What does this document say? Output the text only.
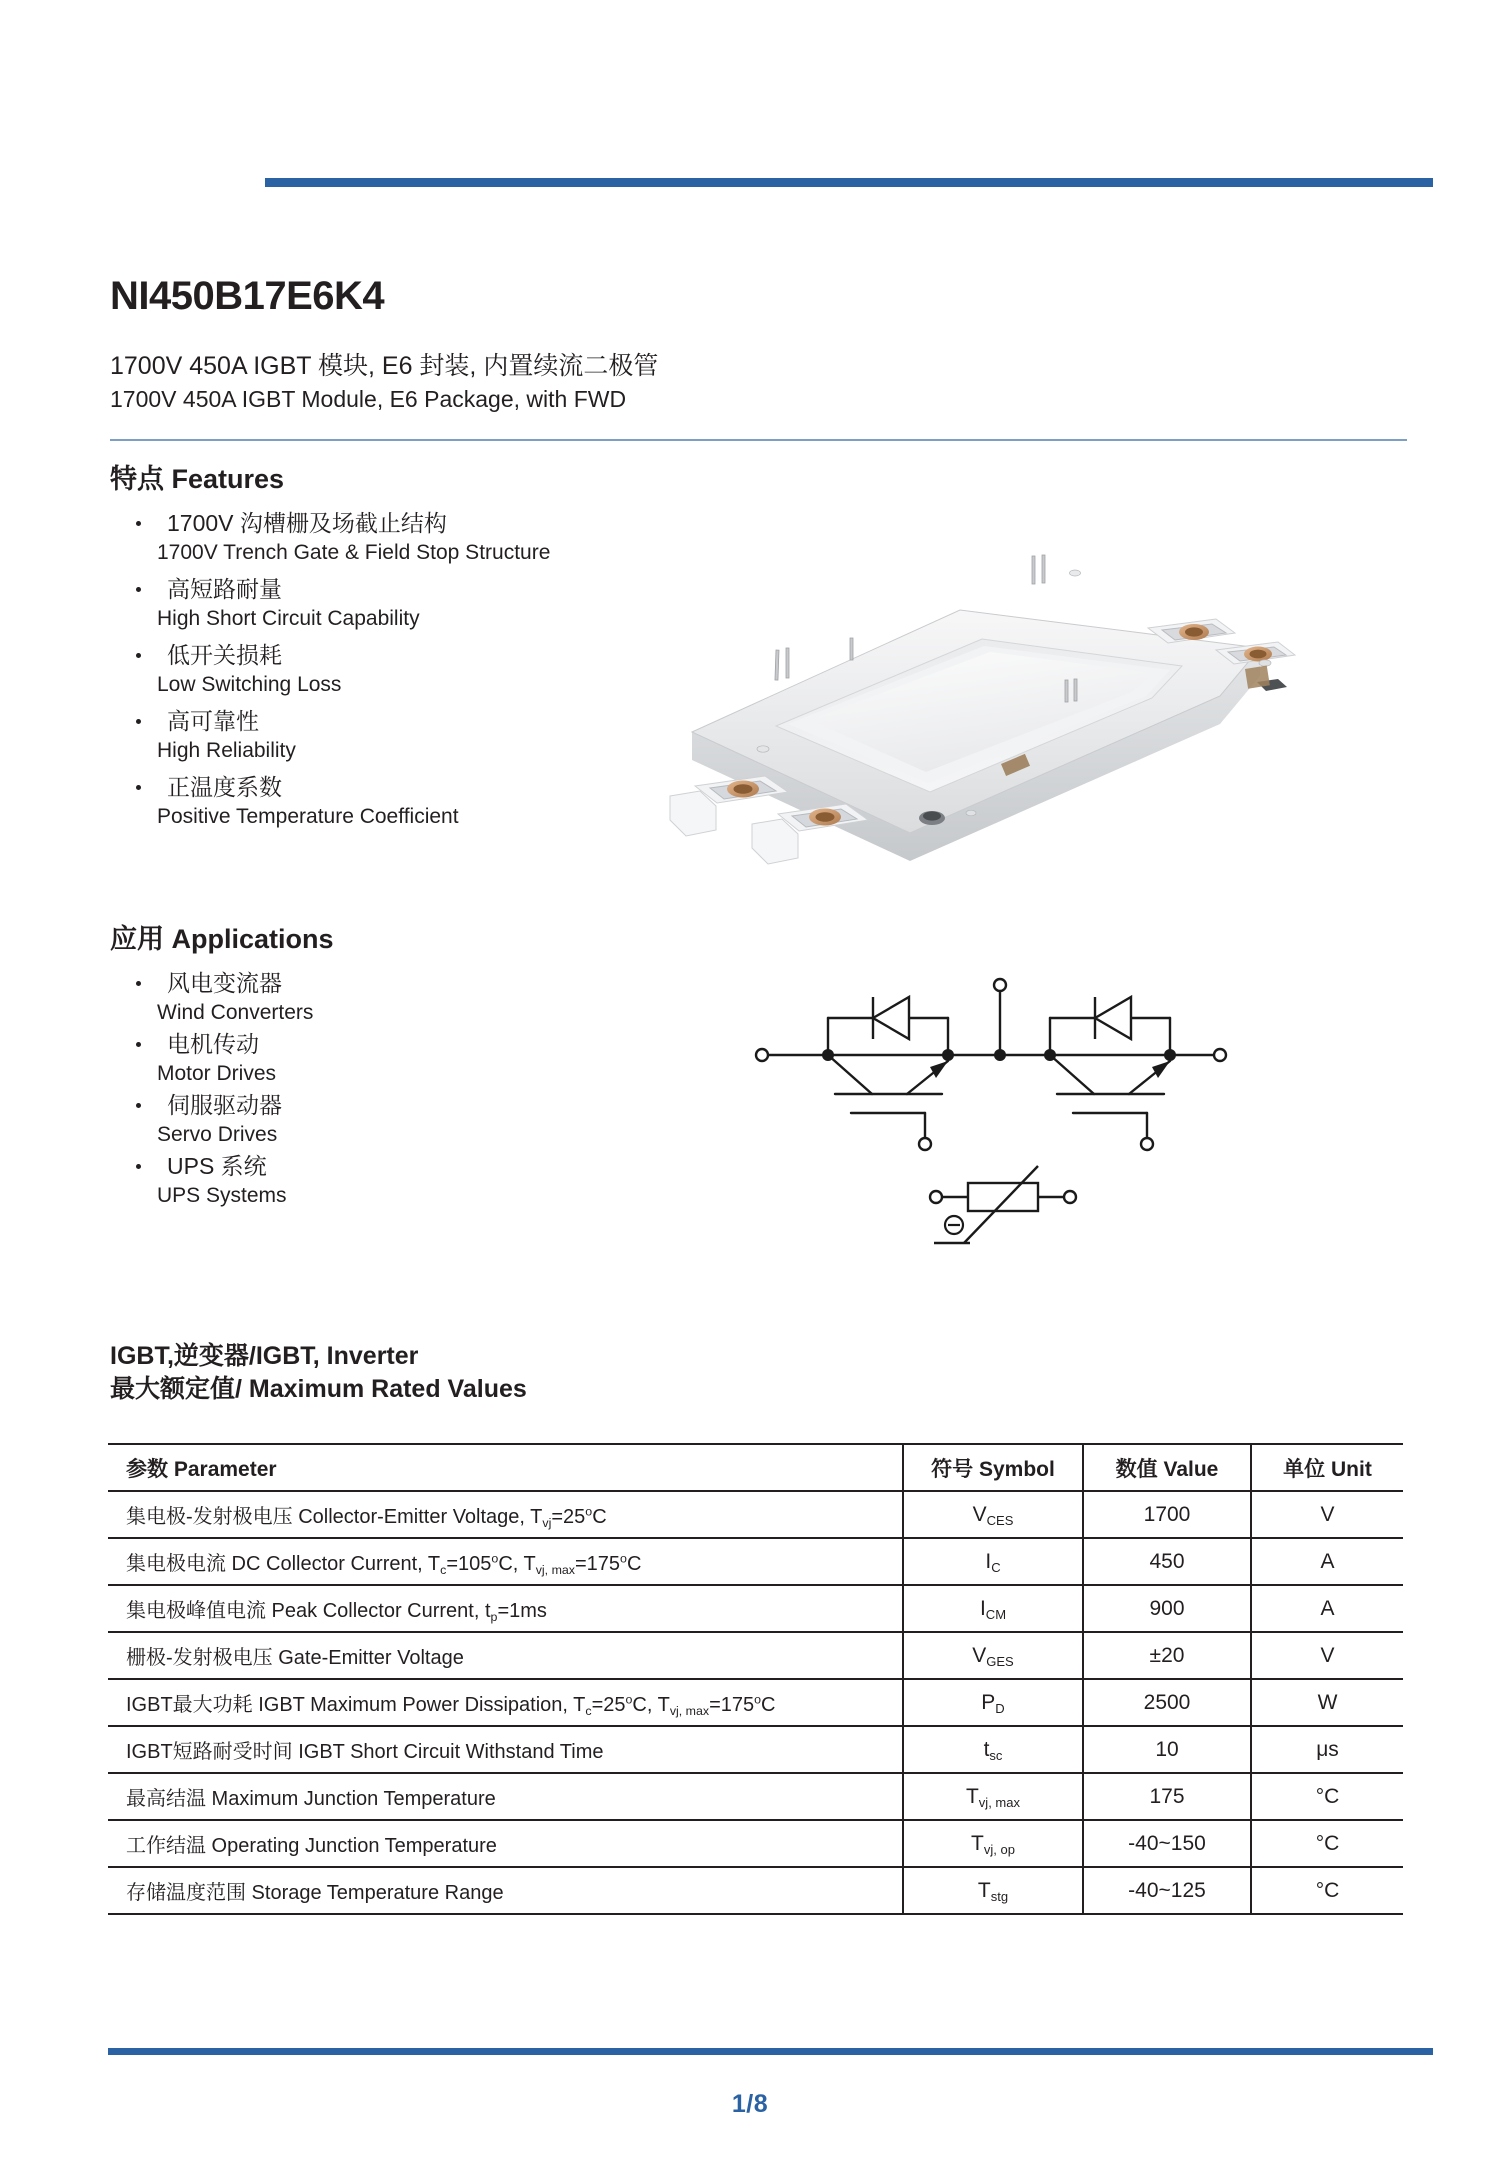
NI450B17E6K4
1700V 450A IGBT 模块, E6 封装, 内置续流二极管
1700V 450A IGBT Module, E6 Package, with FWD
特点 Features
1700V 沟槽栅及场截止结构
1700V Trench Gate & Field Stop Structure
高短路耐量
High Short Circuit Capability
低开关损耗
Low Switching Loss
高可靠性
High Reliability
正温度系数
Positive Temperature Coefficient
应用 Applications
风电变流器
Wind Converters
电机传动
Motor Drives
伺服驱动器
Servo Drives
UPS 系统
UPS Systems
IGBT,逆变器/IGBT, Inverter
最大额定值/ Maximum Rated Values
参数 Parameter	符号 Symbol	数值 Value	单位 Unit
集电极-发射极电压 Collector-Emitter Voltage, $T_{vj}=25^oC$	$V_{CES}$	1700	V
集电极电流 DC Collector Current, $T_c=105^oC$, $T_{vj, max}=175^oC$	$I_C$	450	A
集电极峰值电流 Peak Collector Current, $t_p=1ms$	$I_{CM}$	900	A
栅极-发射极电压 Gate-Emitter Voltage	$V_{GES}$	±20	V
IGBT最大功耗 IGBT Maximum Power Dissipation, $T_c=25^oC$, $T_{vj, max}=175^oC$	$P_D$	2500	W
IGBT短路耐受时间 IGBT Short Circuit Withstand Time	$t_{sc}$	10	μs
最高结温 Maximum Junction Temperature	$T_{vj, max}$	175	°C
工作结温 Operating Junction Temperature	$T_{vj, op}$	-40~150	°C
存储温度范围 Storage Temperature Range	$T_{stg}$	-40~125	°C
1/8
